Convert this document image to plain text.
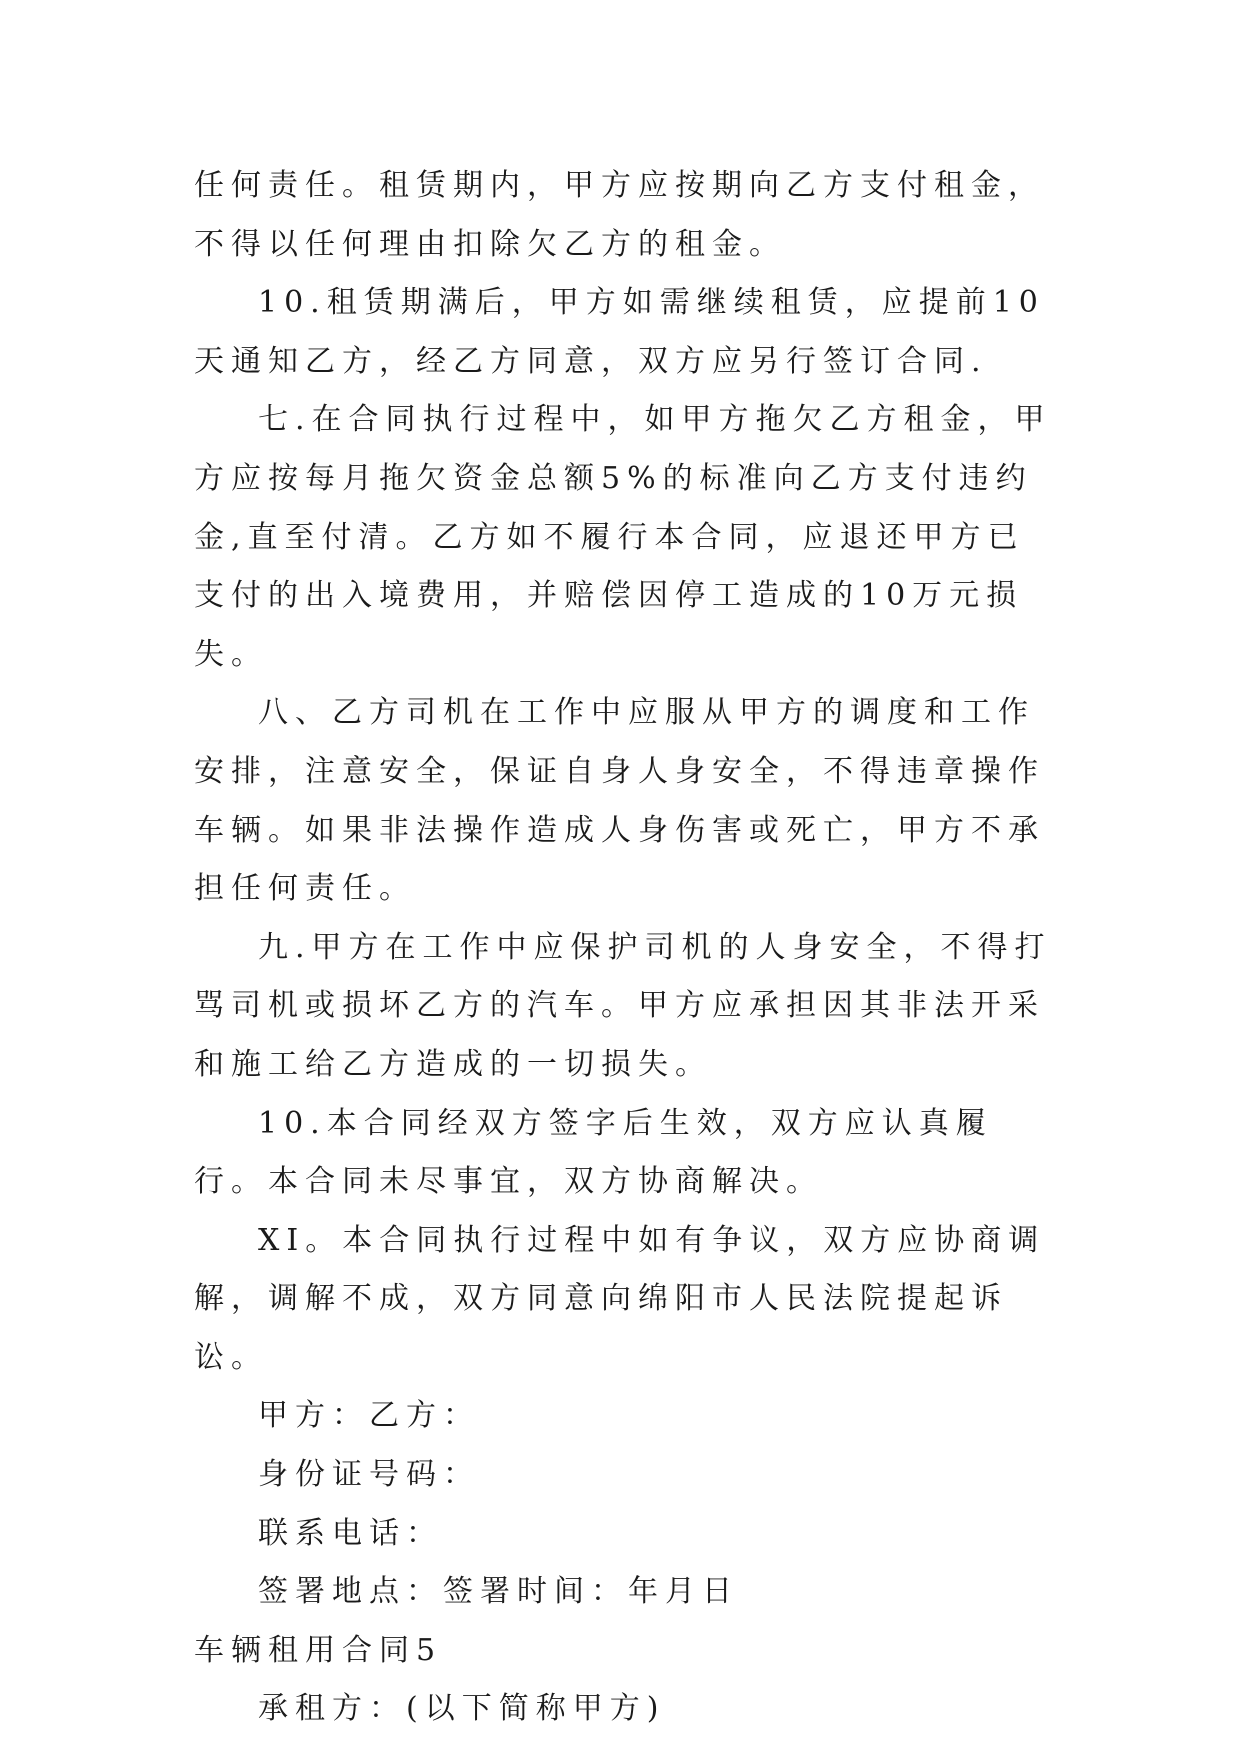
任何责任。租赁期内，甲方应按期向乙方支付租金，不得以任何理由扣除欠乙方的租金。

10.租赁期满后，甲方如需继续租赁，应提前10天通知乙方，经乙方同意，双方应另行签订合同.

七.在合同执行过程中，如甲方拖欠乙方租金，甲方应按每月拖欠资金总额5%的标准向乙方支付违约金,直至付清。乙方如不履行本合同，应退还甲方已支付的出入境费用，并赔偿因停工造成的10万元损失。

八、乙方司机在工作中应服从甲方的调度和工作安排，注意安全，保证自身人身安全，不得违章操作车辆。如果非法操作造成人身伤害或死亡，甲方不承担任何责任。

九.甲方在工作中应保护司机的人身安全，不得打骂司机或损坏乙方的汽车。甲方应承担因其非法开采和施工给乙方造成的一切损失。

10.本合同经双方签字后生效，双方应认真履行。本合同未尽事宜，双方协商解决。

XI。本合同执行过程中如有争议，双方应协商调解，调解不成，双方同意向绵阳市人民法院提起诉讼。

甲方：乙方：

身份证号码：

联系电话：

签署地点：签署时间：年月日

车辆租用合同5

承租方：(以下简称甲方)
